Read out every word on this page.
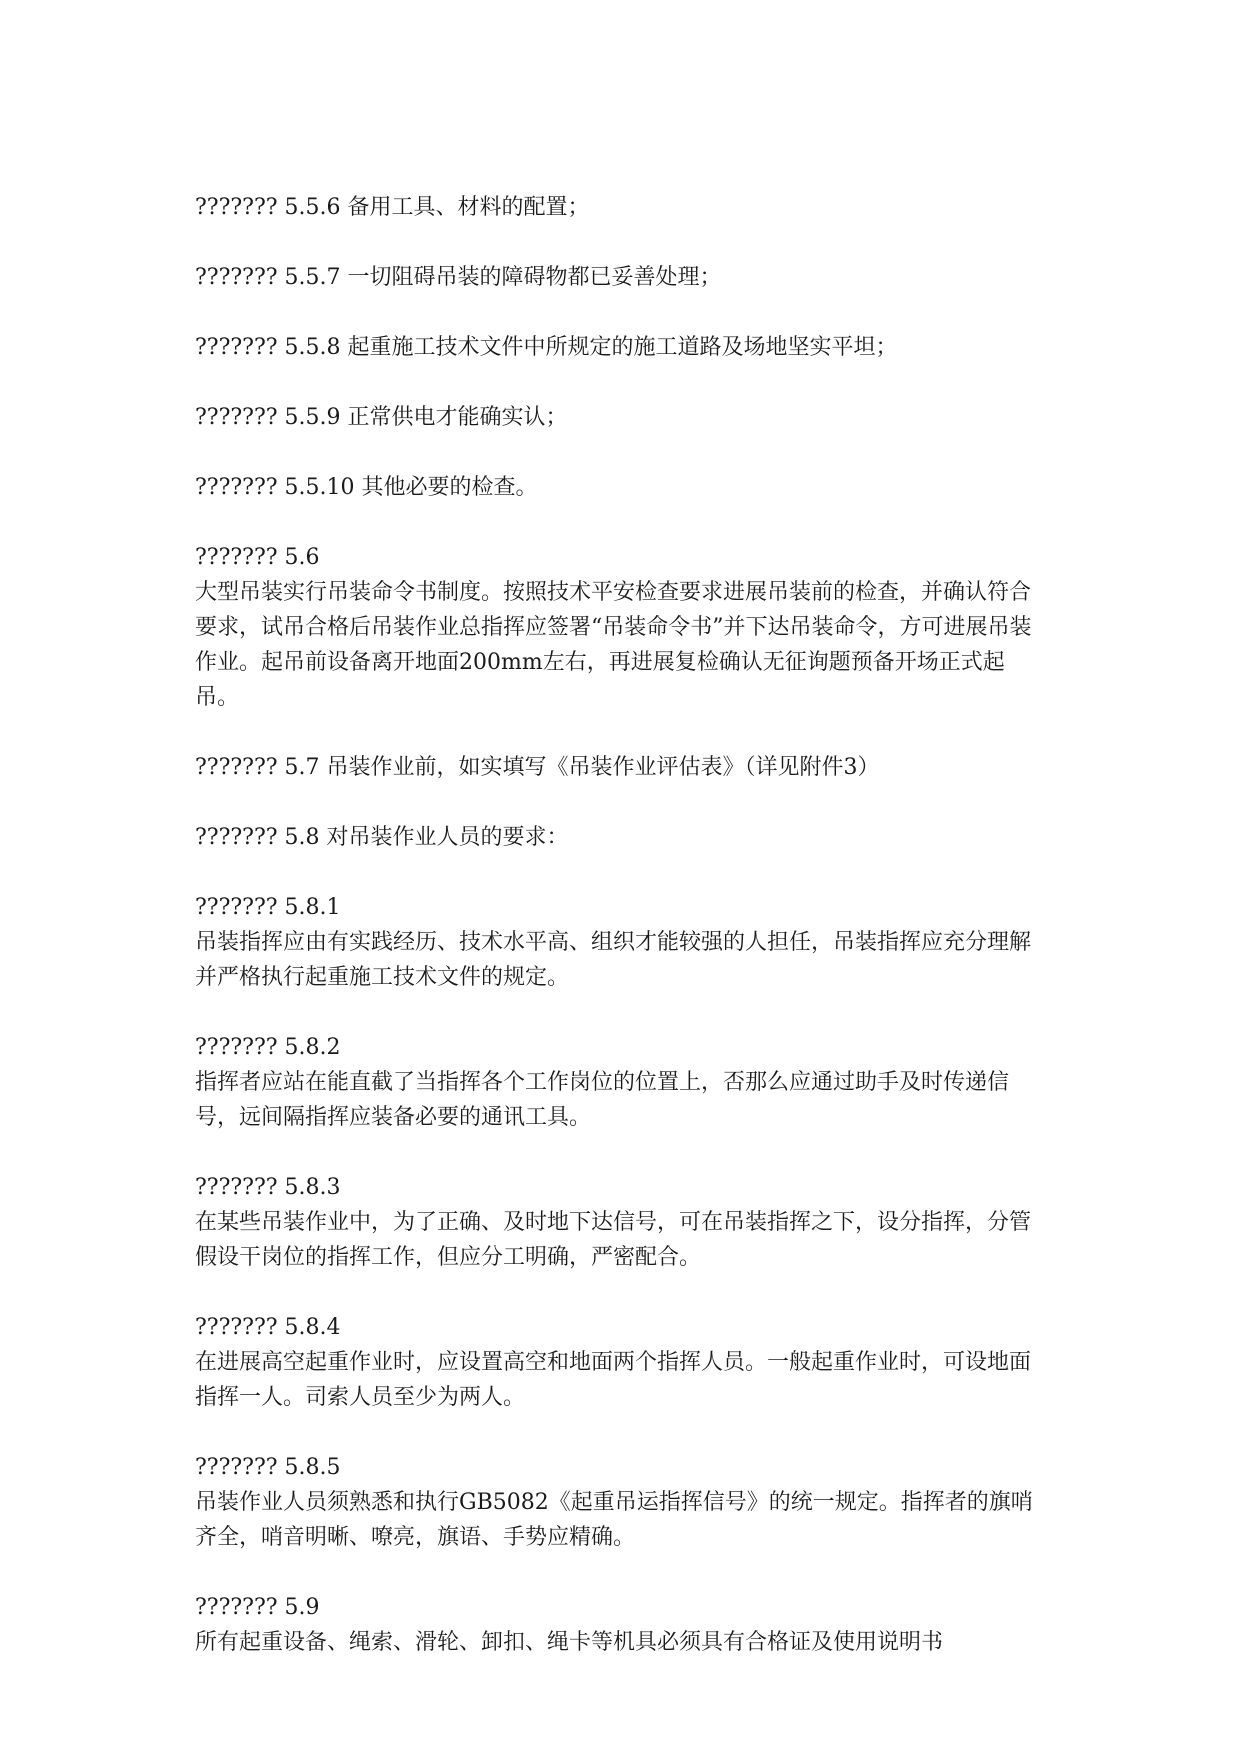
??????? 5.5.6 备用工具、材料的配置；

??????? 5.5.7 一切阻碍吊装的障碍物都已妥善处理；

??????? 5.5.8 起重施工技术文件中所规定的施工道路及场地坚实平坦；

??????? 5.5.9 正常供电才能确实认；

??????? 5.5.10 其他必要的检查。

??????? 5.6
大型吊装实行吊装命令书制度。按照技术平安检查要求进展吊装前的检查，并确认符合要求，试吊合格后吊装作业总指挥应签署“吊装命令书”并下达吊装命令，方可进展吊装作业。起吊前设备离开地面200mm左右，再进展复检确认无征询题预备开场正式起吊。

??????? 5.7 吊装作业前，如实填写《吊装作业评估表》（详见附件3）

??????? 5.8 对吊装作业人员的要求：

??????? 5.8.1
吊装指挥应由有实践经历、技术水平高、组织才能较强的人担任，吊装指挥应充分理解并严格执行起重施工技术文件的规定。

??????? 5.8.2
指挥者应站在能直截了当指挥各个工作岗位的位置上，否那么应通过助手及时传递信号，远间隔指挥应装备必要的通讯工具。

??????? 5.8.3
在某些吊装作业中，为了正确、及时地下达信号，可在吊装指挥之下，设分指挥，分管假设干岗位的指挥工作，但应分工明确，严密配合。

??????? 5.8.4
在进展高空起重作业时，应设置高空和地面两个指挥人员。一般起重作业时，可设地面指挥一人。司索人员至少为两人。

??????? 5.8.5
吊装作业人员须熟悉和执行GB5082《起重吊运指挥信号》的统一规定。指挥者的旗哨齐全，哨音明晰、嘹亮，旗语、手势应精确。

??????? 5.9
所有起重设备、绳索、滑轮、卸扣、绳卡等机具必须具有合格证及使用说明书
